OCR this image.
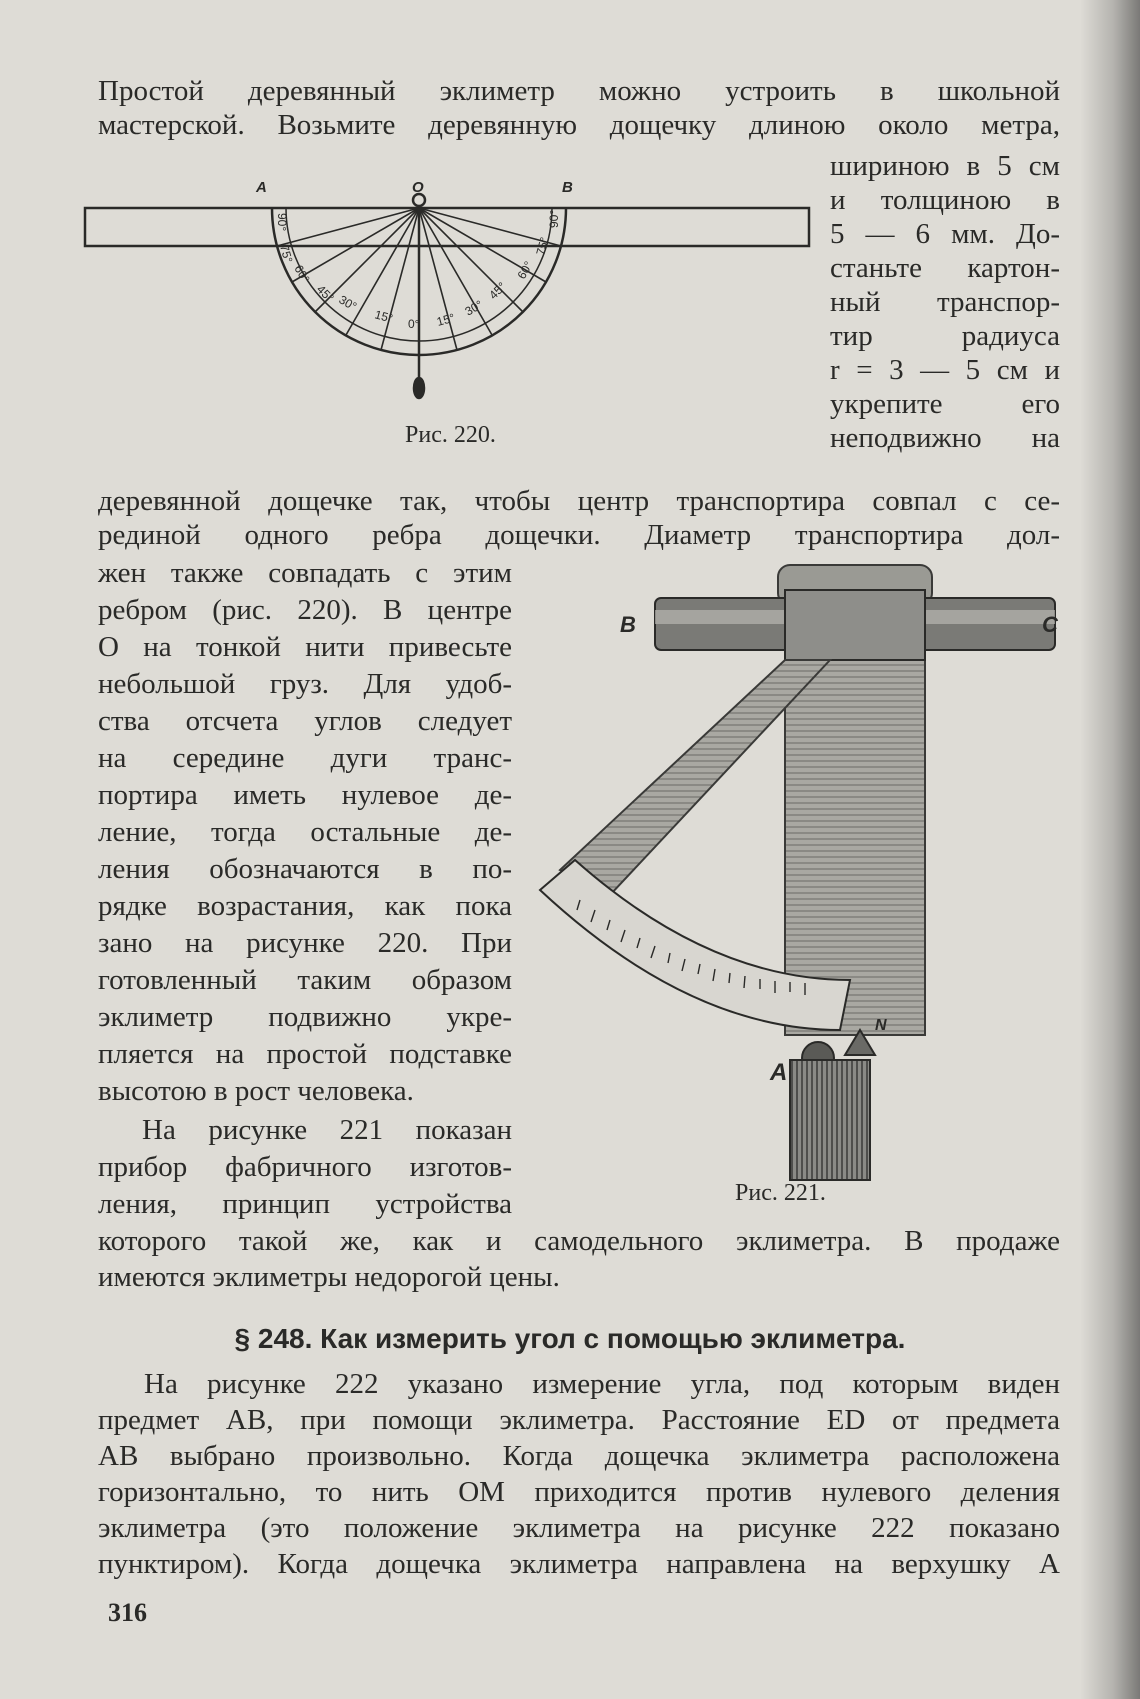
Простой деревянный эклиметр можно устроить в школьной
мастерской. Возьмите деревянную дощечку длиною около метра,
шириною в 5 см
и толщиною в
5 — 6 мм. До-
станьте картон-
ный транспор-
тир радиуса
r = 3 — 5 см и
укрепите его
неподвижно на
A	O	B
90°
75°
60°
45° 30°
15° 0° 15°
30°
45°
60°
75°
90°
Рис. 220.
деревянной дощечке так, чтобы центр транспортира совпал с се-
рединой одного ребра дощечки. Диаметр транспортира дол-
жен также совпадать с этим
ребром (рис. 220). В центре
O на тонкой нити привесьте
небольшой груз. Для удоб-
ства отсчета углов следует
на середине дуги транс-
портира иметь нулевое де-
ление, тогда остальные де-
ления обозначаются в по-
рядке возрастания, как пока
зано на рисунке 220. При
готовленный таким образом
эклиметр подвижно укре-
пляется на простой подставке
высотою в рост человека.
На рисунке 221 показан
прибор фабричного изготов-
ления, принцип устройства
B	C
N
A
Рис. 221.
которого такой же, как и самодельного эклиметра. В продаже
имеются эклиметры недорогой цены.
§ 248. Как измерить угол с помощью эклиметра.
На рисунке 222 указано измерение угла, под которым виден
предмет AB, при помощи эклиметра. Расстояние ED от предмета
AB выбрано произвольно. Когда дощечка эклиметра расположена
горизонтально, то нить OM приходится против нулевого деления
эклиметра (это положение эклиметра на рисунке 222 показано
пунктиром). Когда дощечка эклиметра направлена на верхушку A
316
